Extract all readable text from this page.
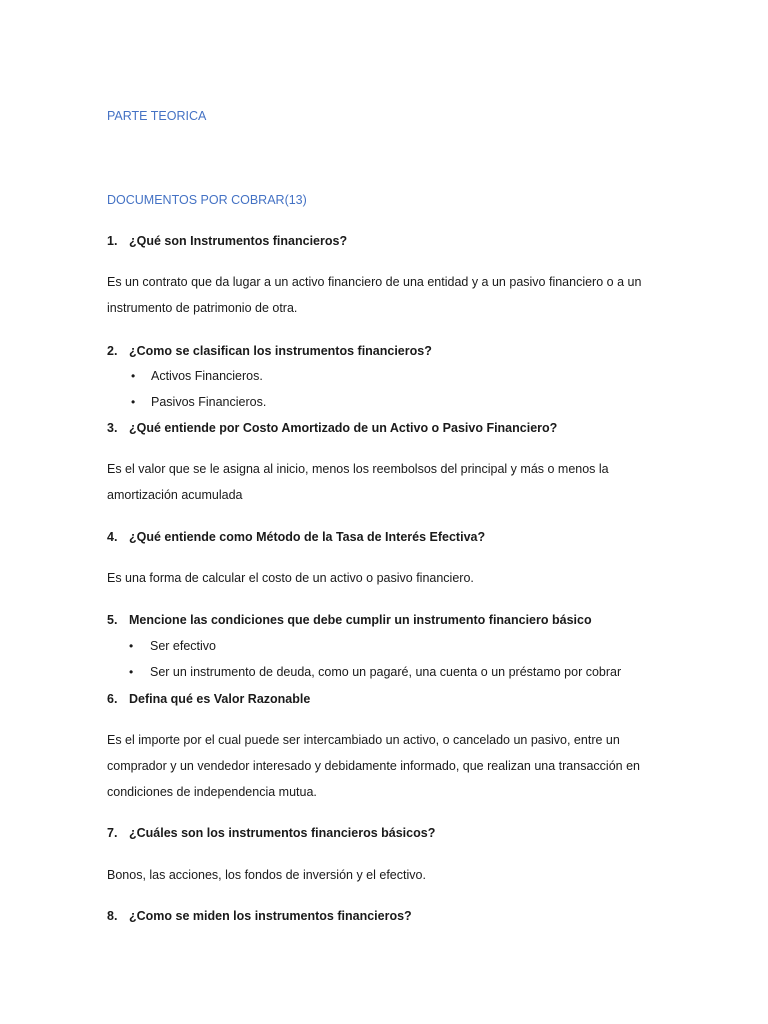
PARTE TEORICA
DOCUMENTOS POR COBRAR(13)
1. ¿Qué son Instrumentos financieros?
Es un contrato que da lugar a un activo financiero de una entidad y a un pasivo financiero o a un
instrumento de patrimonio de otra.
2. ¿Como se clasifican los instrumentos financieros?
• Activos Financieros.
• Pasivos Financieros.
3. ¿Qué entiende por Costo Amortizado de un Activo o Pasivo Financiero?
Es el valor que se le asigna al inicio, menos los reembolsos del principal y más o menos la
amortización acumulada
4. ¿Qué entiende como Método de la Tasa de Interés Efectiva?
Es una forma de calcular el costo de un activo o pasivo financiero.
5. Mencione las condiciones que debe cumplir un instrumento financiero básico
• Ser efectivo
• Ser un instrumento de deuda, como un pagaré, una cuenta o un préstamo por cobrar
6. Defina qué es Valor Razonable
Es el importe por el cual puede ser intercambiado un activo, o cancelado un pasivo, entre un
comprador y un vendedor interesado y debidamente informado, que realizan una transacción en
condiciones de independencia mutua.
7. ¿Cuáles son los instrumentos financieros básicos?
Bonos, las acciones, los fondos de inversión y el efectivo.
8. ¿Como se miden los instrumentos financieros?
